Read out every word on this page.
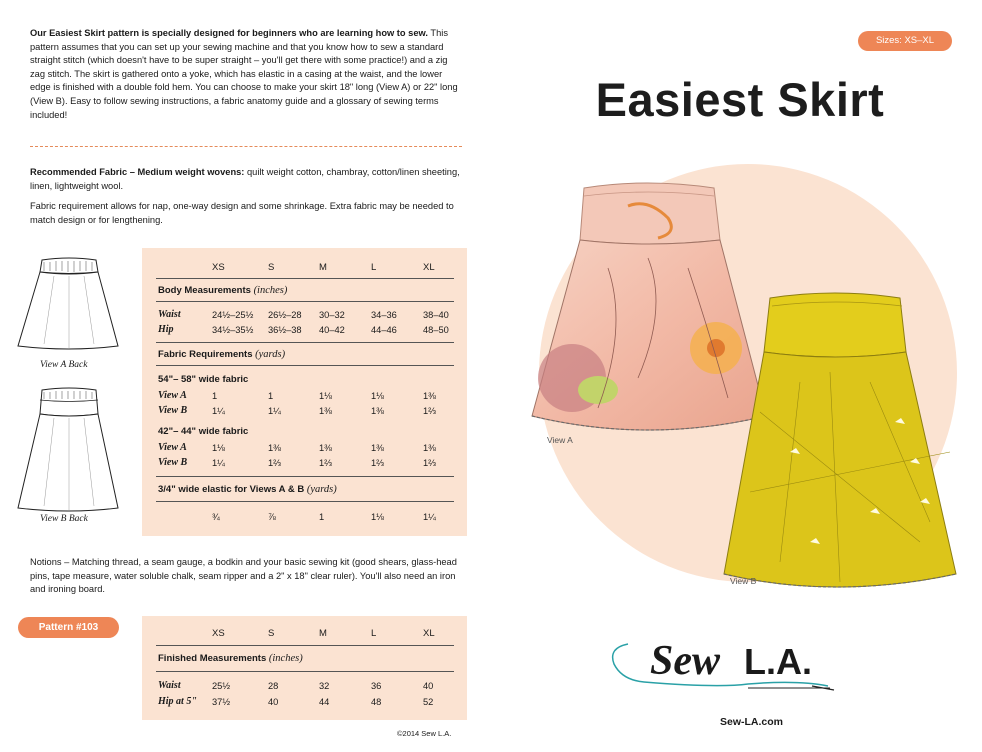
Our Easiest Skirt pattern is specially designed for beginners who are learning how to sew. This pattern assumes that you can set up your sewing machine and that you know how to sew a standard straight stitch (which doesn't have to be super straight – you'll get there with some practice!) and a zig zag stitch. The skirt is gathered onto a yoke, which has elastic in a casing at the waist, and the lower edge is finished with a double fold hem. You can choose to make your skirt 18" long (View A) or 22" long (View B). Easy to follow sewing instructions, a fabric anatomy guide and a glossary of sewing terms included!

Recommended Fabric – Medium weight wovens: quilt weight cotton, chambray, cotton/linen sheeting, linen, lightweight wool.

Fabric requirement allows for nap, one-way design and some shrinkage. Extra fabric may be needed to match design or for lengthening.

View A Back
View B Back
XS	S	M	L	XL
Body Measurements (inches)
Waist	24½–25½ 26½–28 30–32	34–36	38–40
Hip	34½–35½ 36½–38 40–42	44–46	48–50
Fabric Requirements (yards)
54"– 58" wide fabric
View A	1	1	1⅛	1⅛	1⅜
View B	1¼	1¼	1⅜	1⅜	1⅔
42"– 44" wide fabric
View A	1⅛	1⅜	1⅜	1⅜	1⅜
View B	1¼	1⅔	1⅔	1⅔	1⅔
3/4" wide elastic for Views A & B (yards)
¾	⅞	1	1⅛	1¼

Notions – Matching thread, a seam gauge, a bodkin and your basic sewing kit (good shears, glass-head pins, tape measure, water soluble chalk, seam ripper and a 2" x 18" clear ruler). You'll also need an iron and ironing board.

Pattern #103
XS	S	M	L	XL
Finished Measurements (inches)
Waist	25½	28	32	36	40
Hip at 5" 37½	40	44	48	52
©2014 Sew L.A.
Sizes: XS–XL
Easiest Skirt
View A
View B
Sew L.A.
Sew-LA.com
